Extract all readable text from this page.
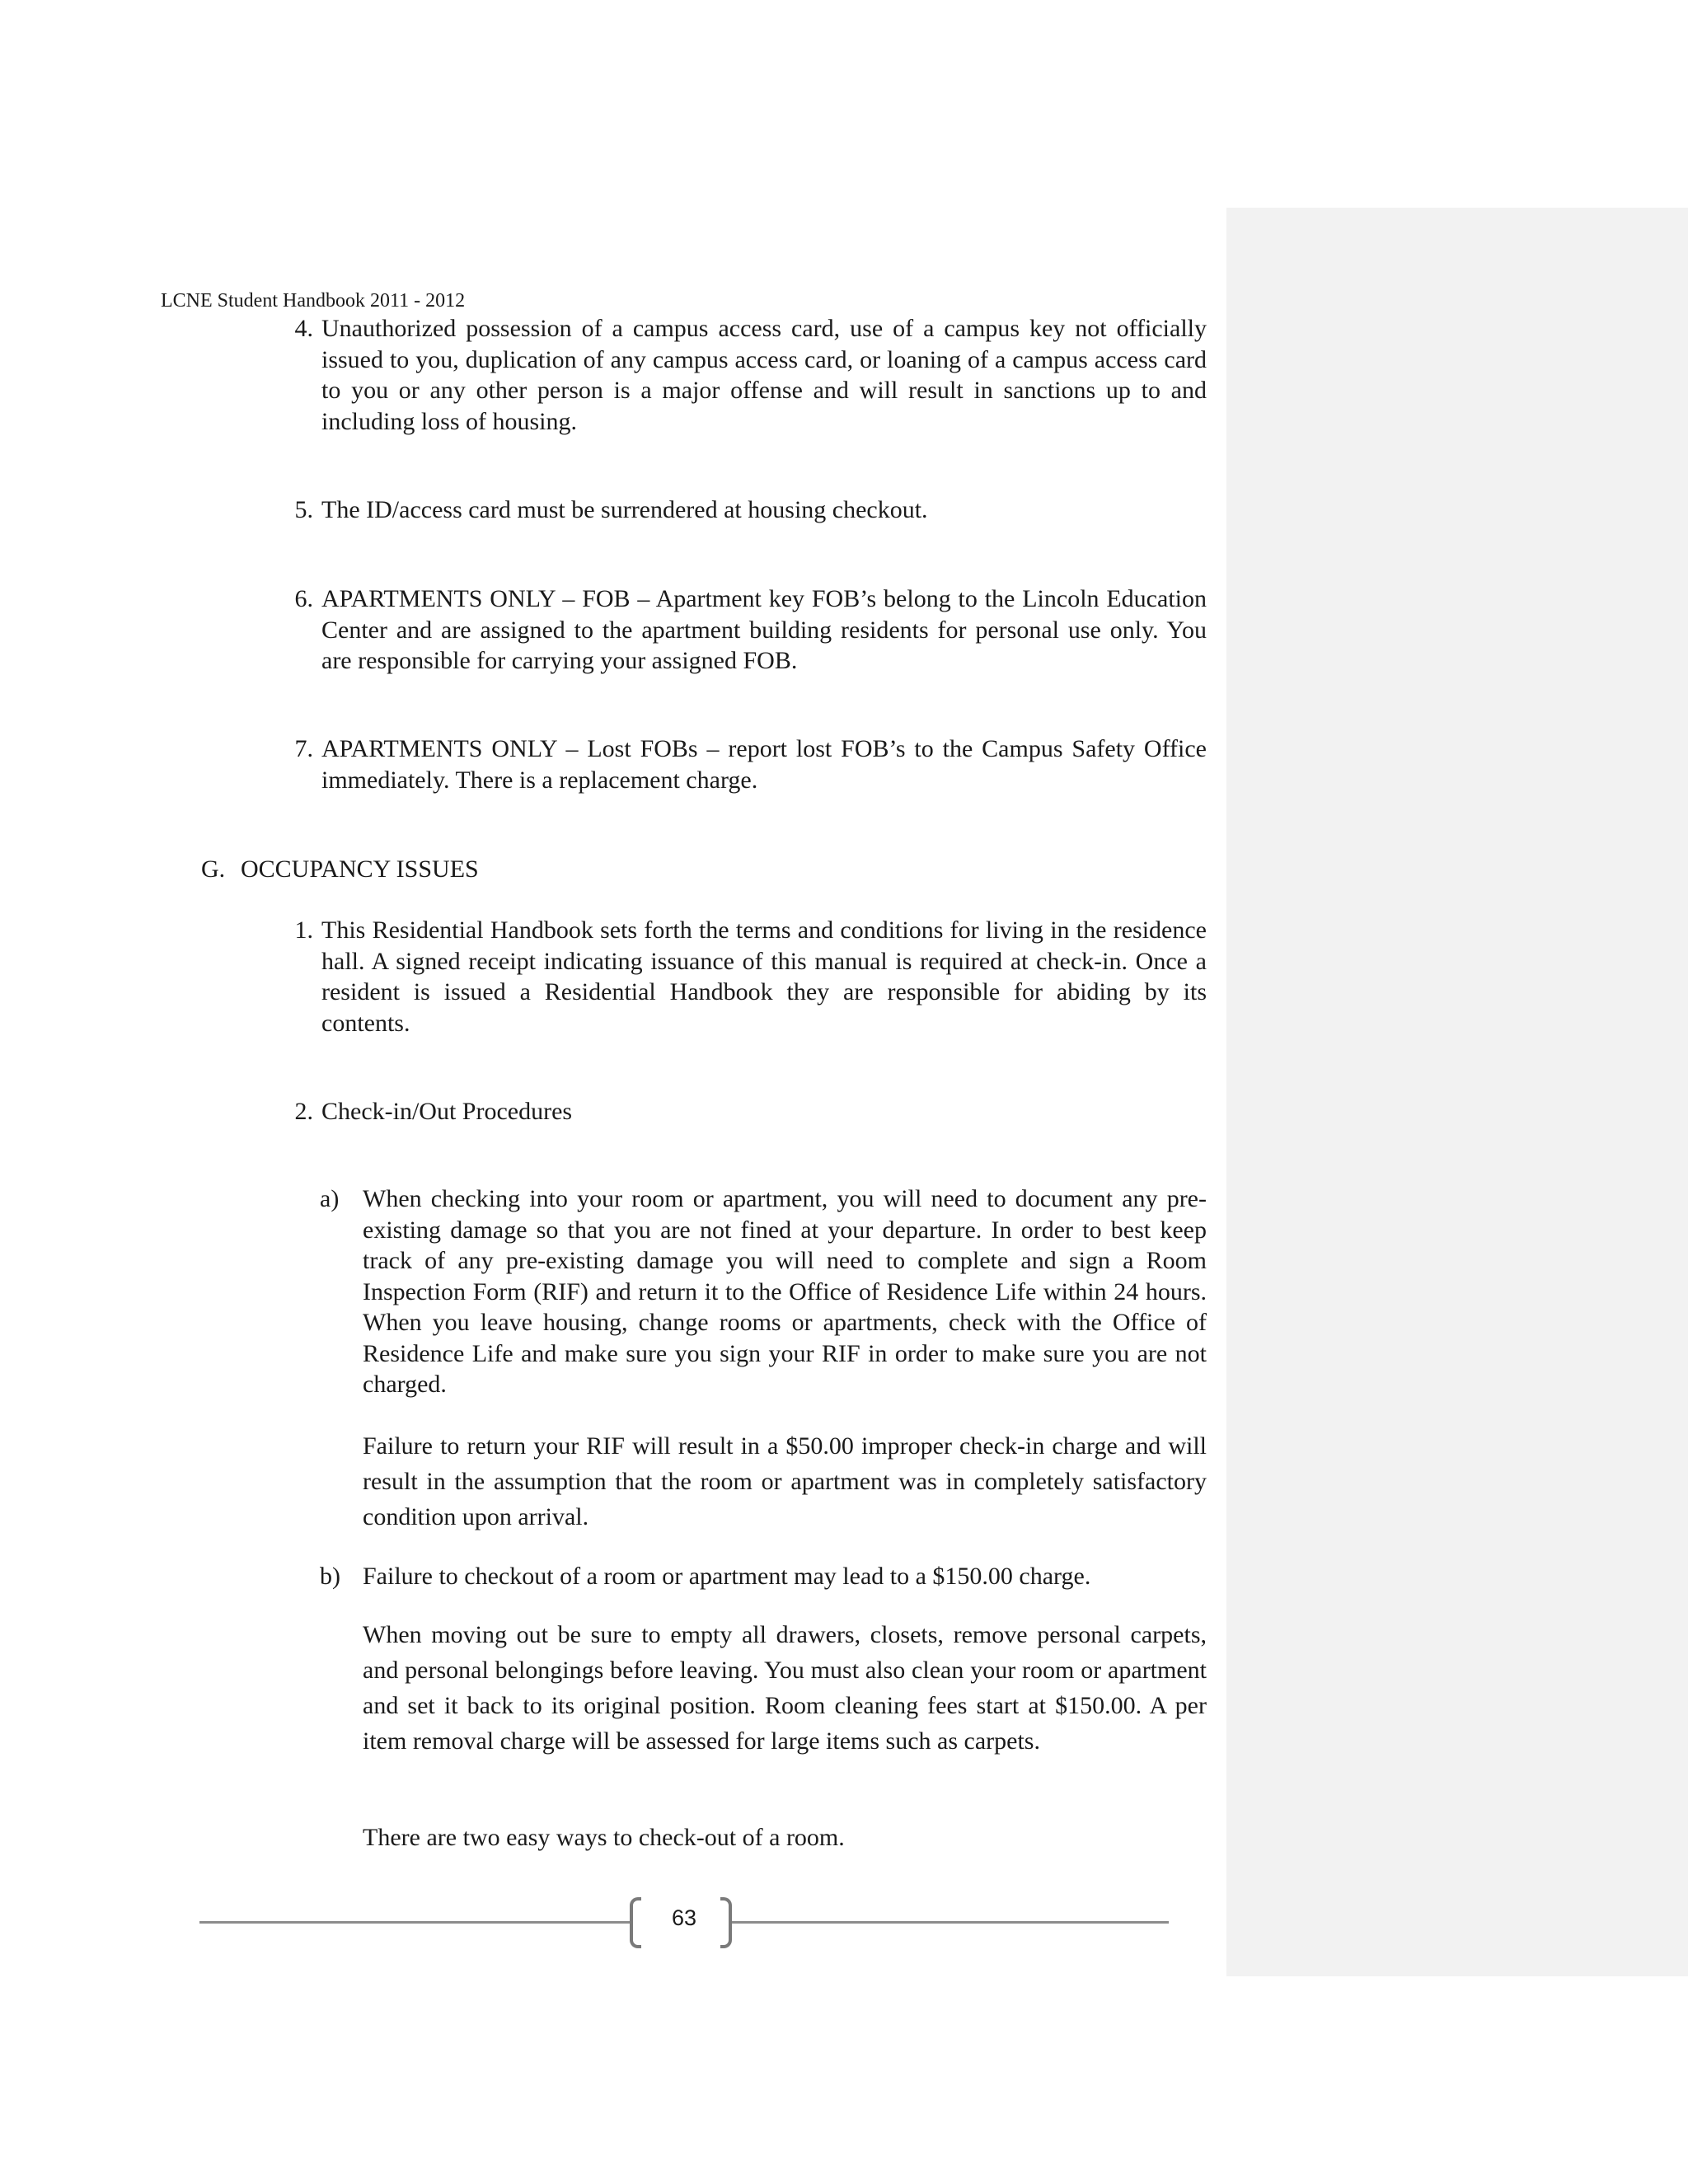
LCNE Student Handbook 2011 - 2012
4. Unauthorized possession of a campus access card, use of a campus key not officially issued to you, duplication of any campus access card, or loaning of a campus access card to you or any other person is a major offense and will result in sanctions up to and including loss of housing.
5. The ID/access card must be surrendered at housing checkout.
6. APARTMENTS ONLY – FOB – Apartment key FOB’s belong to the Lincoln Education Center and are assigned to the apartment building residents for personal use only. You are responsible for carrying your assigned FOB.
7. APARTMENTS ONLY – Lost FOBs – report lost FOB’s to the Campus Safety Office immediately. There is a replacement charge.
G. OCCUPANCY ISSUES
1. This Residential Handbook sets forth the terms and conditions for living in the residence hall. A signed receipt indicating issuance of this manual is required at check-in. Once a resident is issued a Residential Handbook they are responsible for abiding by its contents.
2. Check-in/Out Procedures
a) When checking into your room or apartment, you will need to document any pre-existing damage so that you are not fined at your departure. In order to best keep track of any pre-existing damage you will need to complete and sign a Room Inspection Form (RIF) and return it to the Office of Residence Life within 24 hours. When you leave housing, change rooms or apartments, check with the Office of Residence Life and make sure you sign your RIF in order to make sure you are not charged.
Failure to return your RIF will result in a $50.00 improper check-in charge and will result in the assumption that the room or apartment was in completely satisfactory condition upon arrival.
b) Failure to checkout of a room or apartment may lead to a $150.00 charge.
When moving out be sure to empty all drawers, closets, remove personal carpets, and personal belongings before leaving. You must also clean your room or apartment and set it back to its original position. Room cleaning fees start at $150.00. A per item removal charge will be assessed for large items such as carpets.
There are two easy ways to check-out of a room.
63
